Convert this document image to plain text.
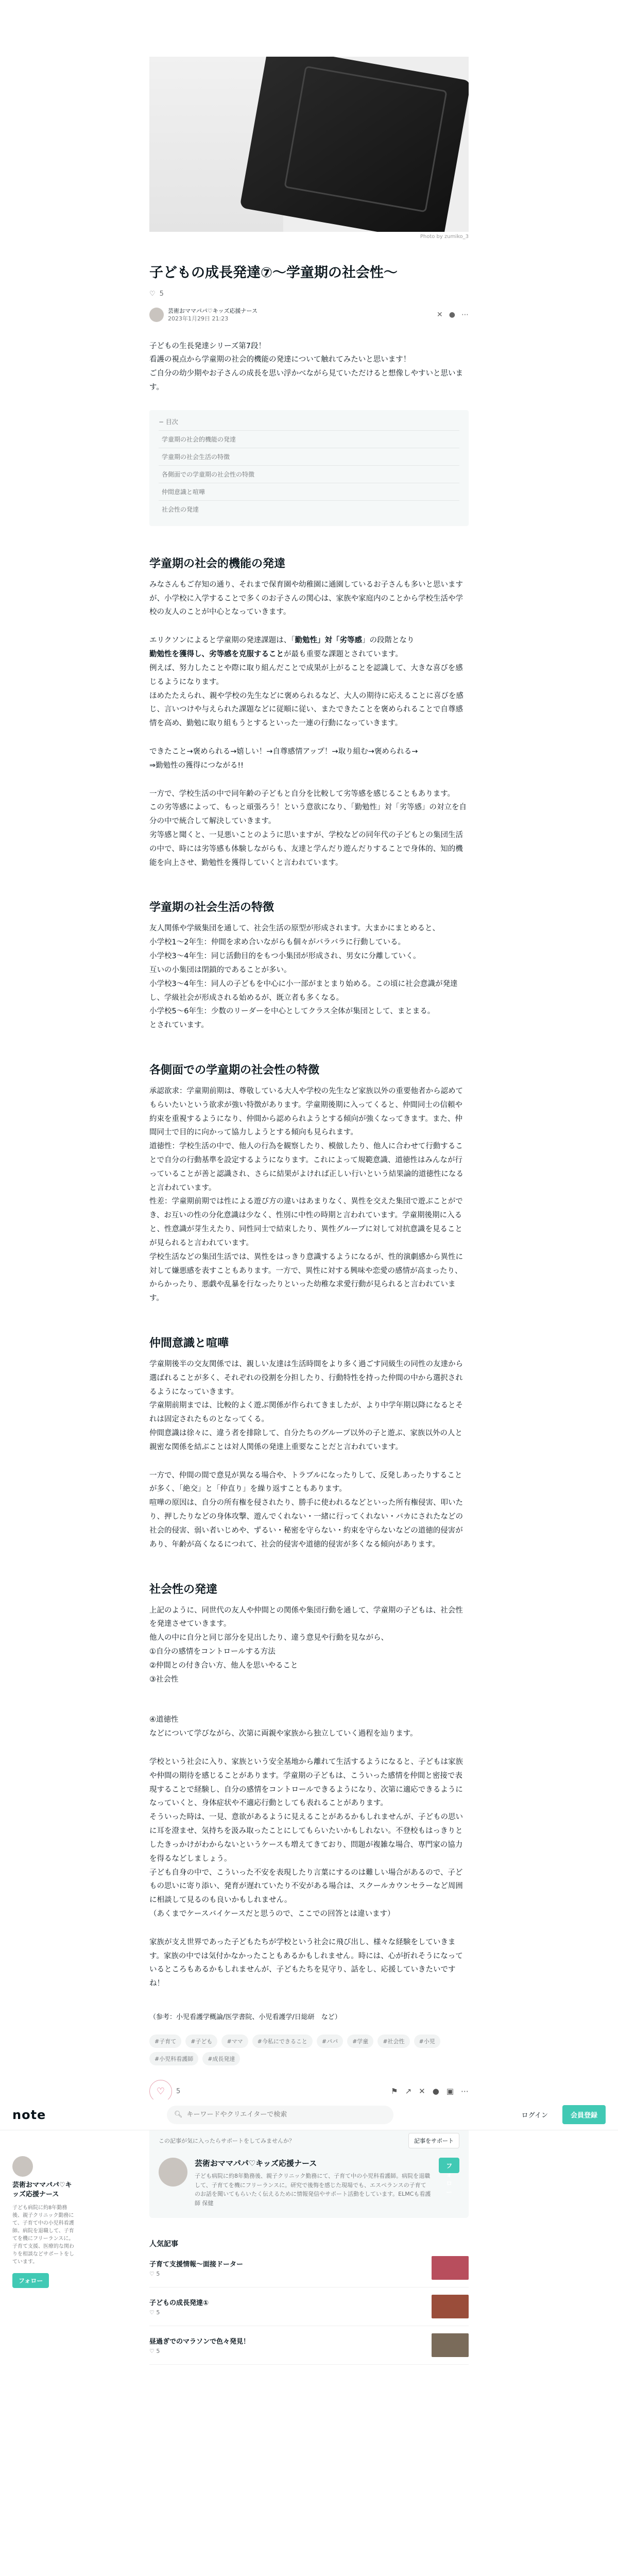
note	🔍︎
キーワードやクリエイターで検索	ログイン	会員登録
芸術おママパパ♡キッズ応援ナース
子ども病院に約8年勤務後、親子クリニック勤務にて、子育て中の小児科看護師。病院を退職して、子育てを機にフリーランスに。子育て支援、医療的な関わりを相談などサポートをしています。
フォロー
Photo by zumiko_3
子どもの成長発達⑦〜学童期の社会性〜
♡ 5
芸術おママパパ♡キッズ応援ナース
2023年1月29日 21:23	✕ ● ⋯

子どもの生長発達シリーズ第7段！

看護の視点から学童期の社会的機能の発達について触れてみたいと思います！

ご自分の幼少期やお子さんの成長を思い浮かべながら見ていただけると想像しやすいと思います。

− 目次
学童期の社会的機能の発達
学童期の社会生活の特徴
各側面での学童期の社会性の特徴
仲間意識と喧嘩
社会性の発達
学童期の社会的機能の発達

みなさんもご存知の通り、それまで保育園や幼稚園に通園しているお子さんも多いと思いますが、小学校に入学することで多くのお子さんの関心は、家族や家庭内のことから学校生活や学校の友人のことが中心となっていきます。

エリクソンによると学童期の発達課題は、「勤勉性」対「劣等感」の段階となり

勤勉性を獲得し、劣等感を克服することが最も重要な課題とされています。

例えば、努力したことや際に取り組んだことで成果が上がることを認識して、大きな喜びを感じるようになります。

ほめたたえられ、親や学校の先生などに褒められるなど、大人の期待に応えることに喜びを感じ、言いつけや与えられた課題などに従順に従い、またできたことを褒められることで自尊感情を高め、勤勉に取り組もうとするといった一連の行動になっていきます。

できたこと→褒められる→嬉しい！→自尊感情アップ！→取り組む→褒められる→

⇒勤勉性の獲得につながる!!

一方で、学校生活の中で同年齢の子どもと自分を比較して劣等感を感じることもあります。

この劣等感によって、もっと頑張ろう！という意欲になり、「勤勉性」対「劣等感」の対立を自分の中で統合して解決していきます。

劣等感と聞くと、一見悪いことのように思いますが、学校などの同年代の子どもとの集団生活の中で、時には劣等感も体験しながらも、友達と学んだり遊んだりすることで身体的、知的機能を向上させ、勤勉性を獲得していくと言われています。

学童期の社会生活の特徴

友人関係や学級集団を通して、社会生活の原型が形成されます。大まかにまとめると、

小学校1〜2年生：仲間を求め合いながらも個々がバラバラに行動している。

小学校3〜4年生：同じ活動目的をもつ小集団が形成され、男女に分離していく。

互いの小集団は閉鎖的であることが多い。

小学校3〜4年生：同人の子どもを中心に小一部がまとまり始める。この頃に社会意識が発達し、学級社会が形成される始めるが、既立者も多くなる。

小学校5〜6年生：少数のリーダーを中心としてクラス全体が集団として、まとまる。

とされています。

各側面での学童期の社会性の特徴

承認欲求：学童期前期は、尊敬している大人や学校の先生など家族以外の重要他者から認めてもらいたいという欲求が強い特徴があります。学童期後期に入ってくると、仲間同士の信頼や約束を重視するようになり、仲間から認められようとする傾向が強くなってきます。また、仲間同士で目的に向かって協力しようとする傾向も見られます。

道徳性：学校生活の中で、他人の行為を観察したり、模倣したり、他人に合わせて行動することで自分の行動基準を設定するようになります。これによって規範意識、道徳性はみんなが行っていることが善と認識され、さらに結果がよければ正しい行いという結果論的道徳性になると言われています。

性差：学童期前期では性による遊び方の違いはあまりなく、異性を交えた集団で遊ぶことができ、お互いの性の分化意識は少なく、性別に中性の時期と言われています。学童期後期に入ると、性意識が芽生えたり、同性同士で結束したり、異性グループに対して対抗意識を見ることが見られると言われています。

学校生活などの集団生活では、異性をはっきり意識するようになるが、性的演劇感から異性に対して嫌悪感を表すこともあります。一方で、異性に対する興味や恋愛の感情が高まったり、からかったり、悪戯や乱暴を行なったりといった幼稚な求愛行動が見られると言われています。

仲間意識と喧嘩

学童期後半の交友関係では、親しい友達は生活時間をより多く過ごす同級生の同性の友達から選ばれることが多く、それぞれの役割を分担したり、行動特性を持った仲間の中から選択されるようになっていきます。

学童期前期までは、比較的よく遊ぶ関係が作られてきましたが、より中学年期以降になるとそれは固定されたものとなってくる。

仲間意識は徐々に、違う者を排除して、自分たちのグループ以外の子と遊ぶ、家族以外の人と親密な関係を結ぶことは対人関係の発達上重要なことだと言われています。

一方で、仲間の間で意見が異なる場合や、トラブルになったりして、反発しあったりすることが多く、「絶交」と「仲直り」を繰り返すこともあります。

喧嘩の原因は、自分の所有権を侵されたり、勝手に使われるなどといった所有権侵害、叩いたり、押したりなどの身体攻撃、遊んでくれない・一緒に行ってくれない・バカにされたなどの社会的侵害、弱い者いじめや、ずるい・秘密を守らない・約束を守らないなどの道徳的侵害があり、年齢が高くなるにつれて、社会的侵害や道徳的侵害が多くなる傾向があります。

社会性の発達

上記のように、同世代の友人や仲間との関係や集団行動を通して、学童期の子どもは、社会性を発達させていきます。

他人の中に自分と同じ部分を見出したり、違う意見や行動を見ながら、

①自分の感情をコントロールする方法

②仲間との付き合い方、他人を思いやること

③社会性

④道徳性

などについて学びながら、次第に両親や家族から独立していく過程を辿ります。

学校という社会に入り、家族という安全基地から離れて生活するようになると、子どもは家族や仲間の期待を感じることがあります。学童期の子どもは、こういった感情を仲間と密接で表現することで経験し、自分の感情をコントロールできるようになり、次第に適応できるようになっていくと、身体症状や不適応行動としても表れることがあります。

そういった時は、一見、意欲があるように見えることがあるかもしれませんが、子どもの思いに耳を澄ませ、気持ちを汲み取ったことにしてもらいたいかもしれない。不登校もはっきりとしたきっかけがわからないというケースも増えてきており、問題が複雑な場合、専門家の協力を得るなどしましょう。

子ども自身の中で、こういった不安を表現したり言葉にするのは難しい場合があるので、子どもの思いに寄り添い、発育が遅れていたり不安がある場合は、スクールカウンセラーなど周囲に相談して見るのも良いかもしれません。

（あくまでケースバイケースだと思うので、ここでの回答とは違います）

家族が支え世界であった子どもたちが学校という社会に飛び出し、様々な経験をしていきます。家族の中では気付かなかったこともあるかもしれません。時には、心が折れそうになっているところもあるかもしれませんが、子どもたちを見守り、話をし、応援していきたいですね！

（参考：小児看護学概論/医学書院、小児看護学/日総研　など）
#子育て	#子ども	#ママ	#今私にできること	#パパ	#学童	#社会性	#小児
#小児科看護師	#成長発達
♡ 5	⚑ ↗ ✕ ● ▣ ⋯
この記事が気に入ったらサポートをしてみませんか？	記事をサポート
芸術おママパパ♡キッズ応援ナース
子ども病院に約8年勤務後、親子クリニック勤務にて、子育て中の小児科看護師。病院を退職して、子育てを機にフリーランスに。研究で後悔を感じた現場でも、エスペランスの子育てのお話を聞いてもらいたく伝えるために情報発信やサポート活動をしています。ELMCも看護師 保健
フォロー
人気記事
子育て支援情報〜面接ドーター
♡ 5
子どもの成長発達①
♡ 5
昼過ぎでのマラソンで色々発見！
♡ 5
